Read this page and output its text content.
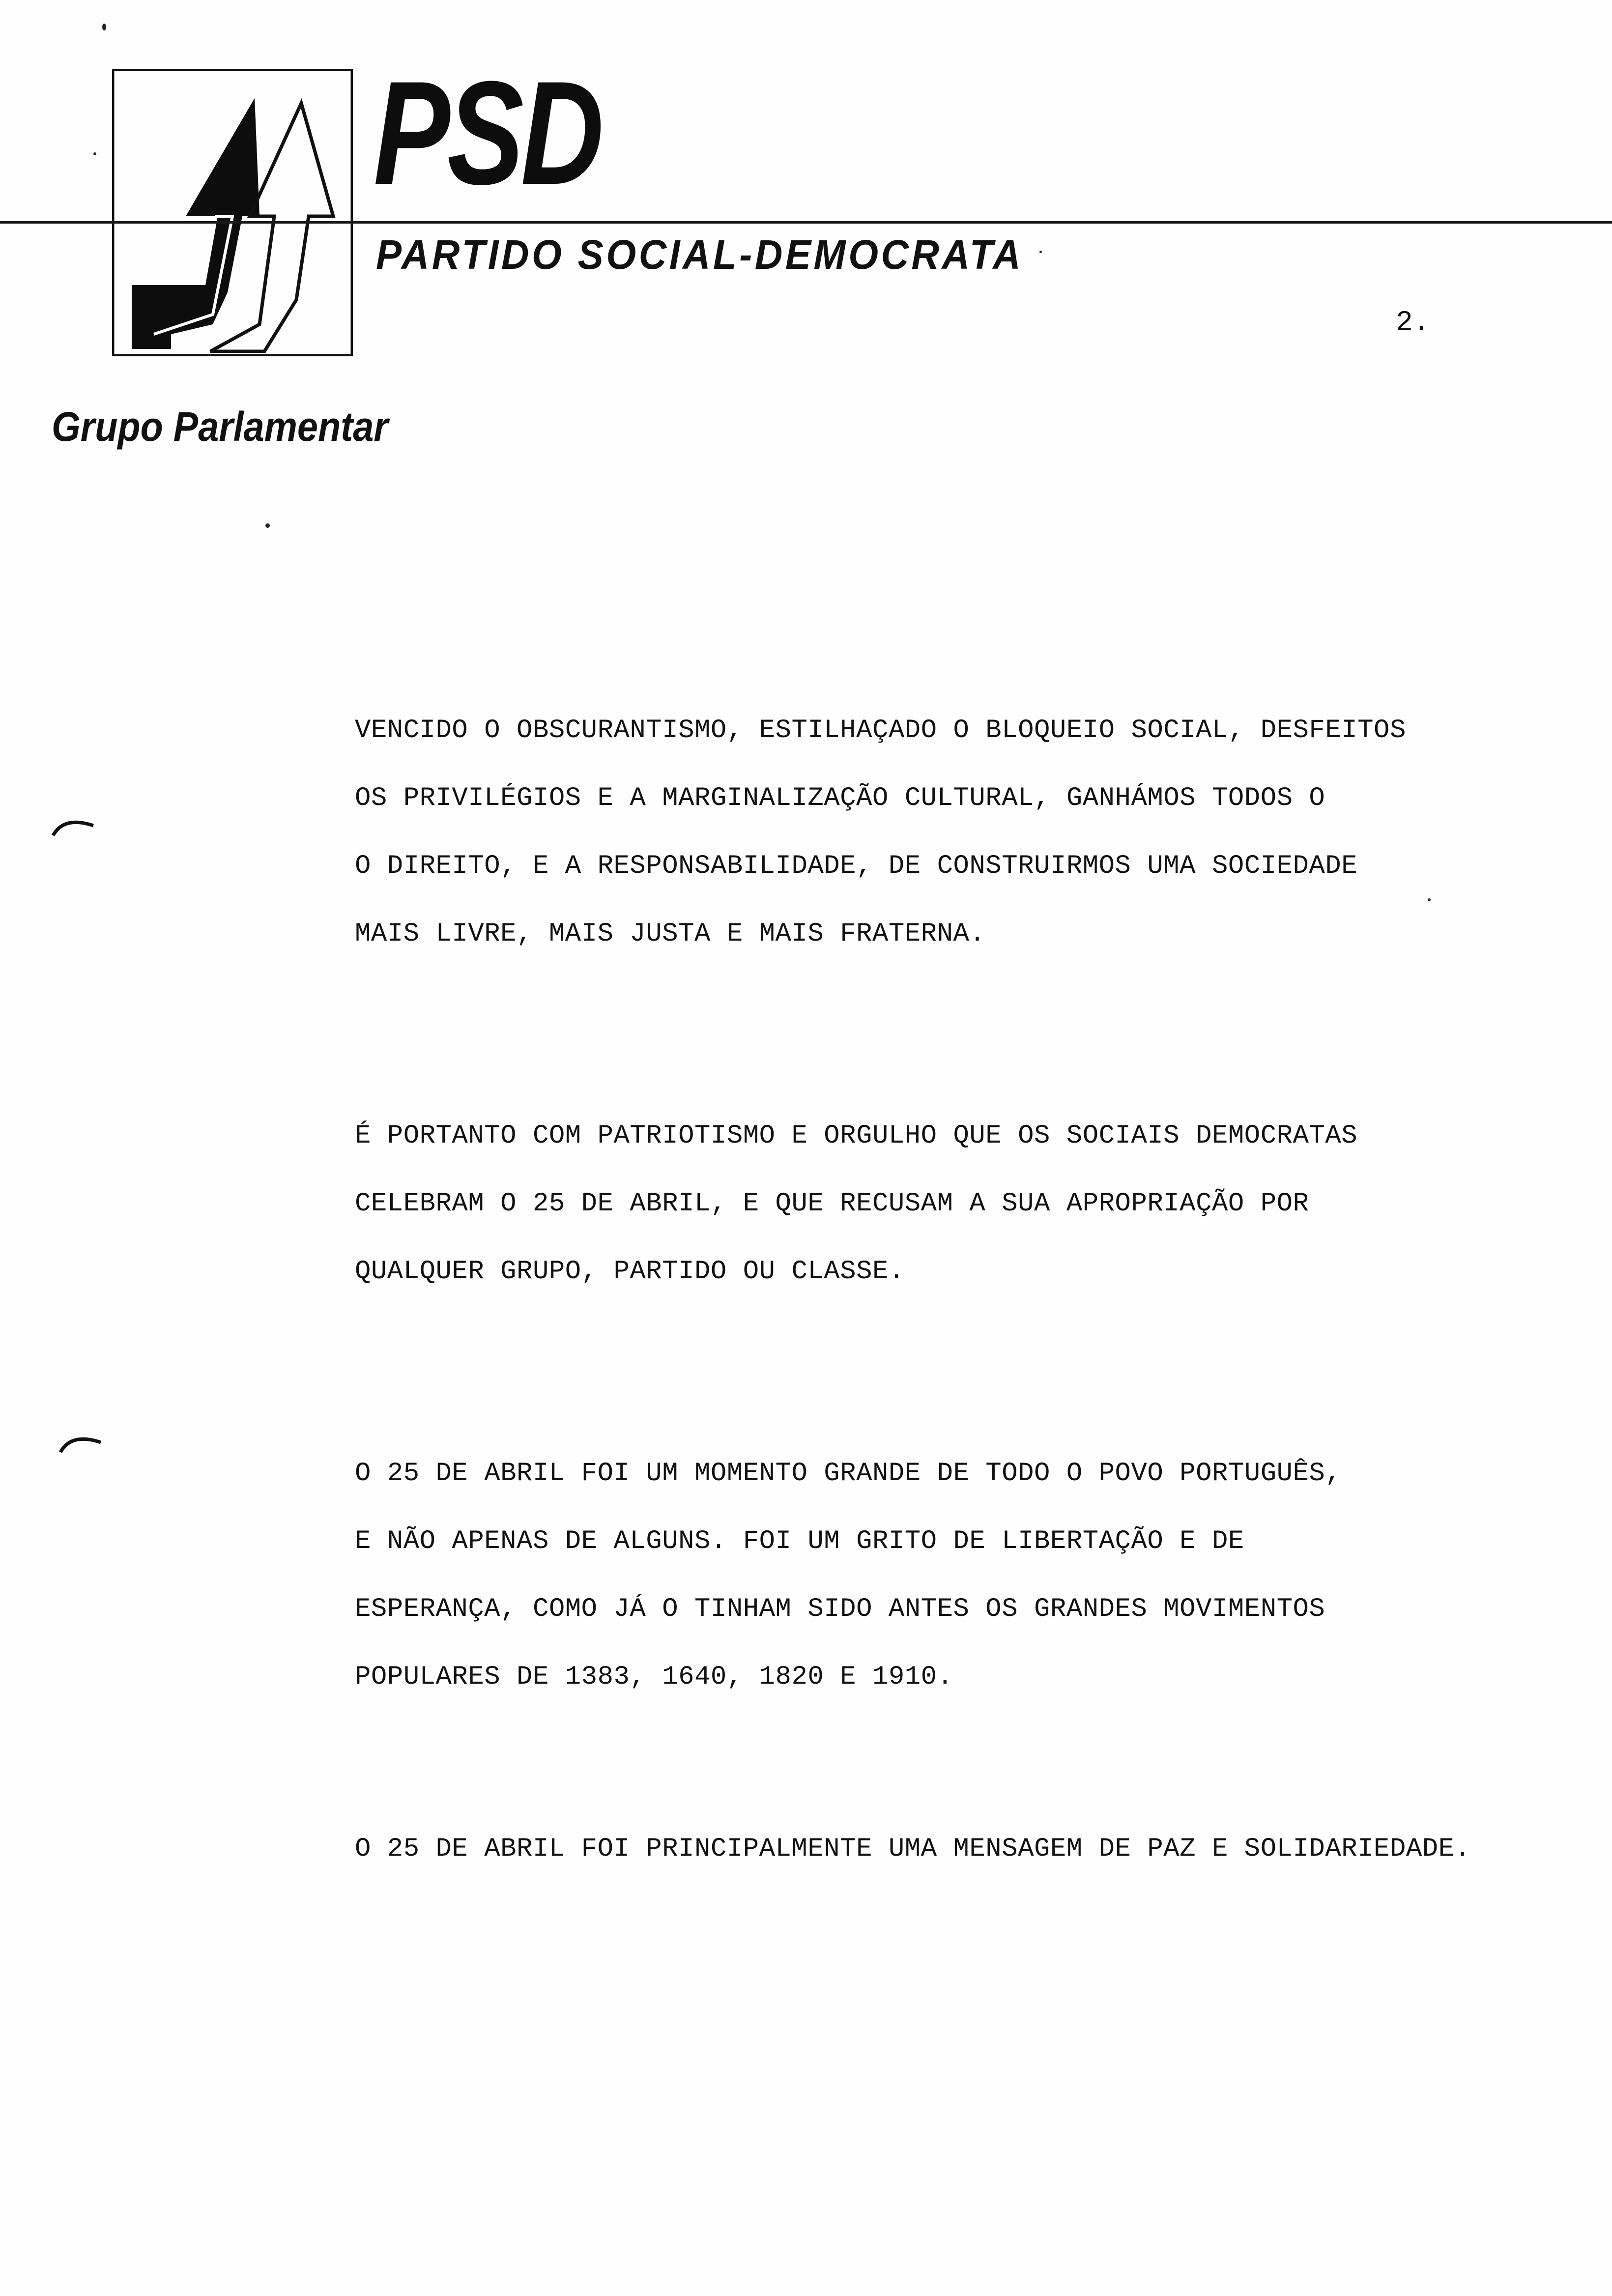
PSD
PARTIDO SOCIAL-DEMOCRATA
2.
Grupo Parlamentar
VENCIDO O OBSCURANTISMO, ESTILHAÇADO O BLOQUEIO SOCIAL, DESFEITOS
OS PRIVILÉGIOS E A MARGINALIZAÇÃO CULTURAL, GANHÁMOS TODOS O
O DIREITO, E A RESPONSABILIDADE, DE CONSTRUIRMOS UMA SOCIEDADE
MAIS LIVRE, MAIS JUSTA E MAIS FRATERNA.
É PORTANTO COM PATRIOTISMO E ORGULHO QUE OS SOCIAIS DEMOCRATAS
CELEBRAM O 25 DE ABRIL, E QUE RECUSAM A SUA APROPRIAÇÃO POR
QUALQUER GRUPO, PARTIDO OU CLASSE.
O 25 DE ABRIL FOI UM MOMENTO GRANDE DE TODO O POVO PORTUGUÊS,
E NÃO APENAS DE ALGUNS. FOI UM GRITO DE LIBERTAÇÃO E DE
ESPERANÇA, COMO JÁ O TINHAM SIDO ANTES OS GRANDES MOVIMENTOS
POPULARES DE 1383, 1640, 1820 E 1910.
O 25 DE ABRIL FOI PRINCIPALMENTE UMA MENSAGEM DE PAZ E SOLIDARIEDADE.
